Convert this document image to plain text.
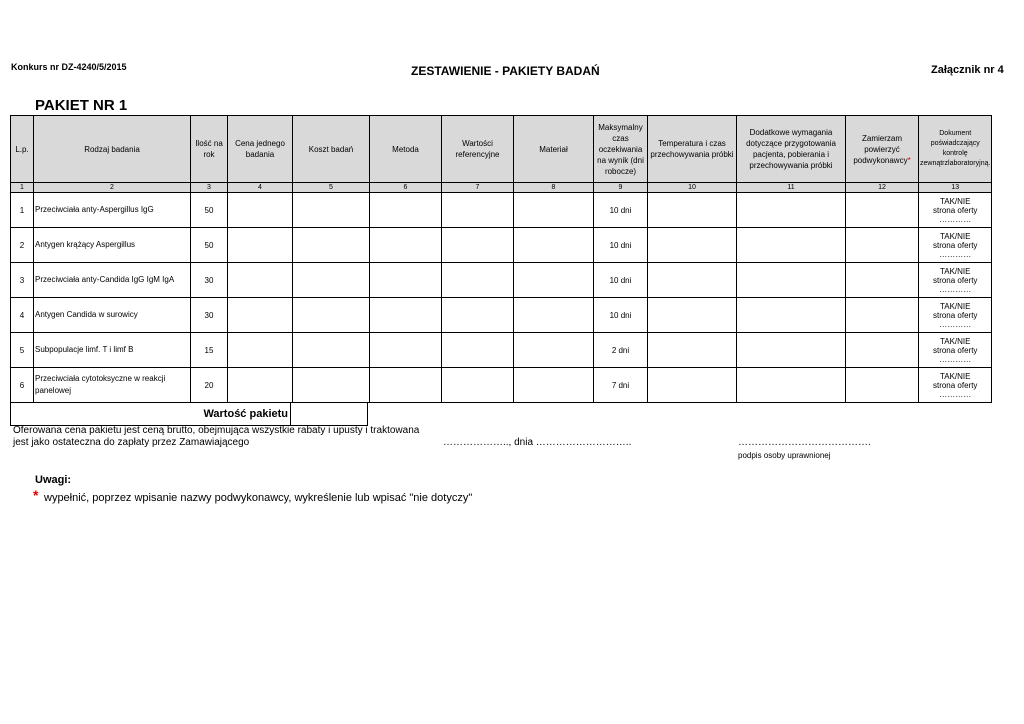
Konkurs nr DZ-4240/5/2015	ZESTAWIENIE - PAKIETY BADAŃ	Załącznik nr 4
PAKIET NR 1
L.p.	Rodzaj badania	Ilość na rok	Cena jednego badania	Koszt badań	Metoda	Wartości referencyjne	Materiał	Maksymalny czas oczekiwania na wynik (dni robocze)	Temperatura i czas przechowywania próbki	Dodatkowe wymagania dotyczące przygotowania pacjenta, pobierania i przechowywania próbki	Zamierzam powierzyć podwykonawcy*	Dokument poświadczający kontrolę zewnątrzlaboratoryjną.
1	2	3	4	5	6	7	8	9	10	11	12	13
1	Przeciwciała anty-Aspergillus IgG	50						10 dni				TAK/NIE
strona oferty
…………

2	Antygen krążący Aspergillus	50						10 dni				TAK/NIE
strona oferty
…………

3	Przeciwciała anty-Candida IgG IgM IgA	30						10 dni				TAK/NIE
strona oferty
…………

4	Antygen Candida w surowicy	30						10 dni				TAK/NIE
strona oferty
…………

5	Subpopulacje limf. T i limf B	15						2 dni				TAK/NIE
strona oferty
…………

6	Przeciwciała cytotoksyczne w reakcji panelowej	20						7 dni				TAK/NIE
strona oferty
…………
Wartość pakietu	
Oferowana cena pakietu jest ceną brutto, obejmująca wszystkie rabaty i upusty i traktowana jest jako ostateczna do zapłaty przez Zamawiającego	……………….., dnia ………………………..	………………………………….
podpis osoby uprawnionej
Uwagi:
* wypełnić, poprzez wpisanie nazwy podwykonawcy, wykreślenie lub wpisać "nie dotyczy"
